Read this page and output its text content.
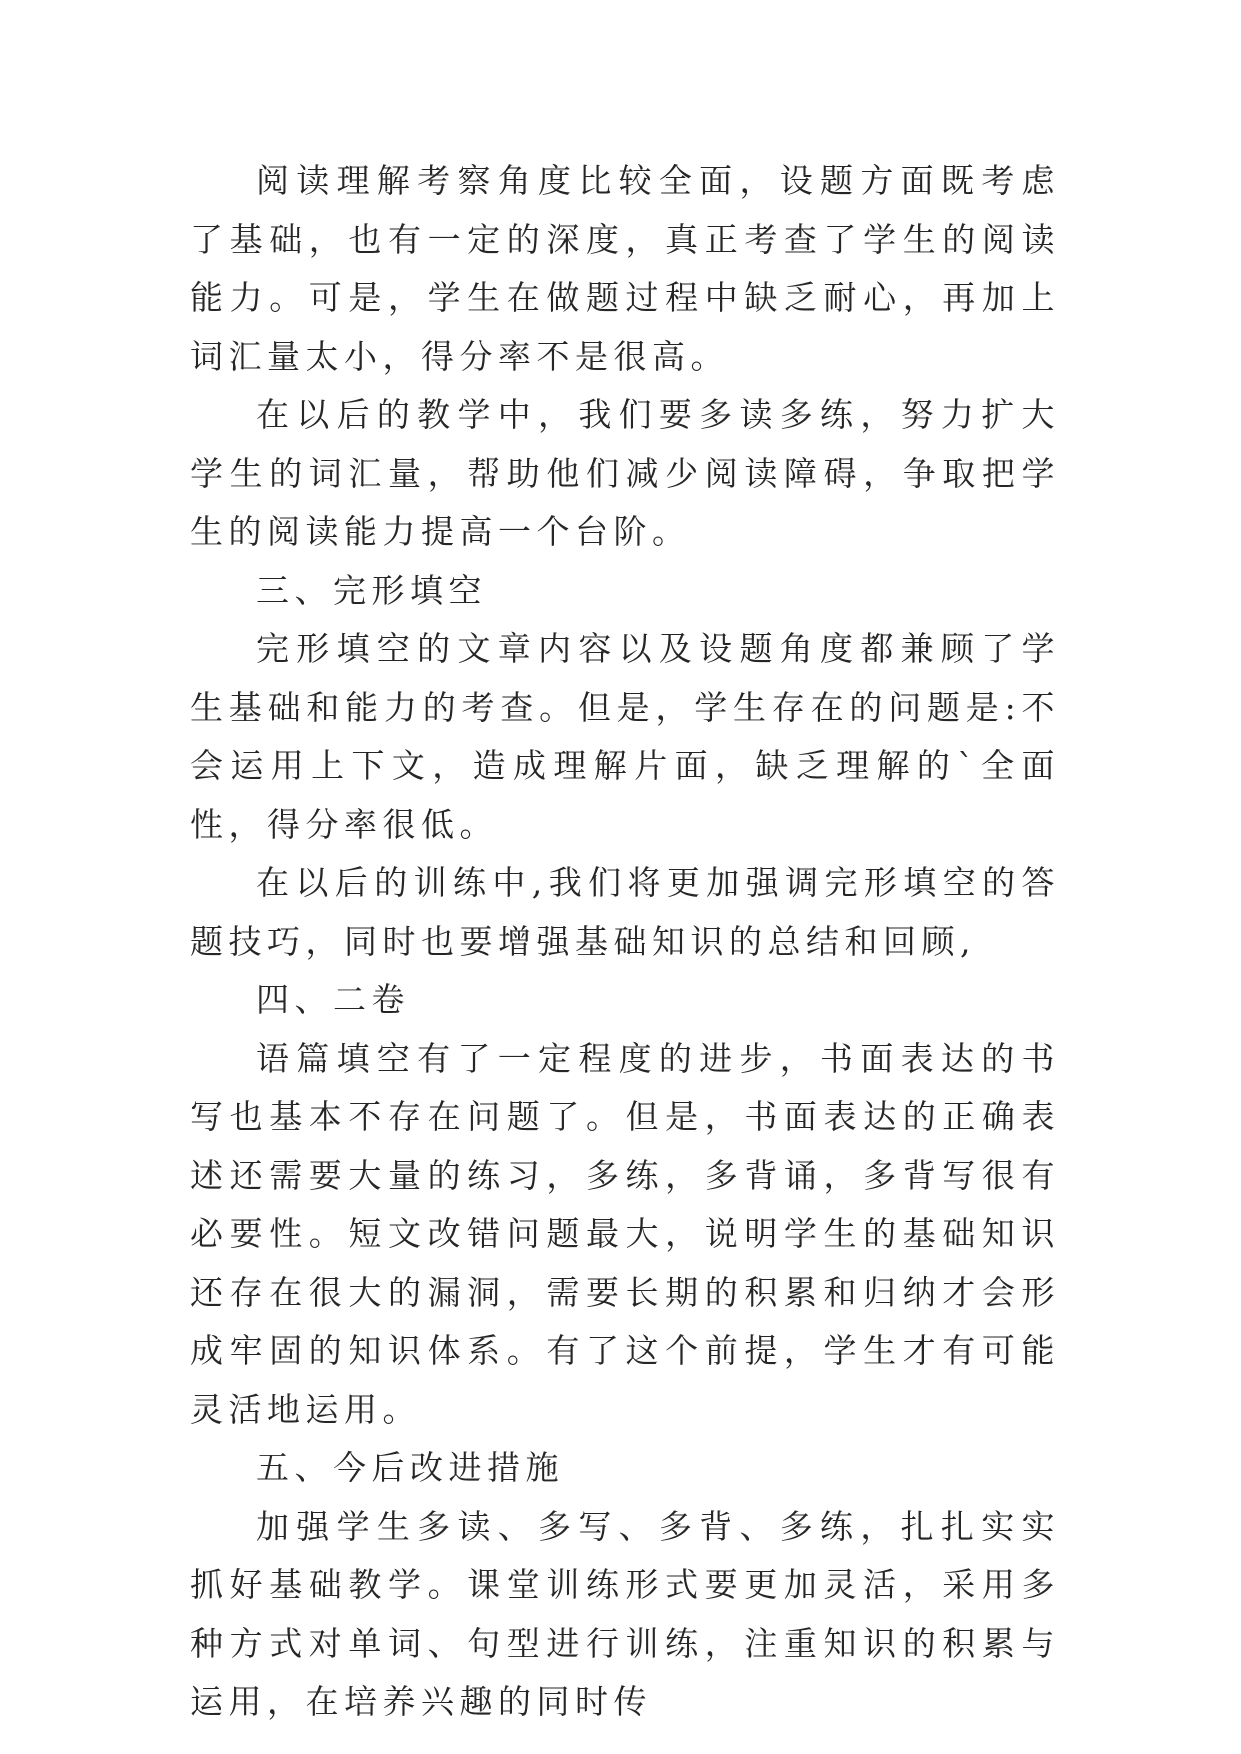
阅读理解考察角度比较全面，设题方面既考虑了基础，也有一定的深度，真正考查了学生的阅读能力。可是，学生在做题过程中缺乏耐心，再加上词汇量太小，得分率不是很高。

在以后的教学中，我们要多读多练，努力扩大学生的词汇量，帮助他们减少阅读障碍，争取把学生的阅读能力提高一个台阶。

三、完形填空

完形填空的文章内容以及设题角度都兼顾了学生基础和能力的考查。但是，学生存在的问题是:不会运用上下文，造成理解片面，缺乏理解的`全面性，得分率很低。

在以后的训练中,我们将更加强调完形填空的答题技巧，同时也要增强基础知识的总结和回顾,

四、二卷

语篇填空有了一定程度的进步，书面表达的书写也基本不存在问题了。但是，书面表达的正确表述还需要大量的练习，多练，多背诵，多背写很有必要性。短文改错问题最大，说明学生的基础知识还存在很大的漏洞，需要长期的积累和归纳才会形成牢固的知识体系。有了这个前提，学生才有可能灵活地运用。

五、今后改进措施

加强学生多读、多写、多背、多练，扎扎实实抓好基础教学。课堂训练形式要更加灵活，采用多种方式对单词、句型进行训练，注重知识的积累与运用，在培养兴趣的同时传
